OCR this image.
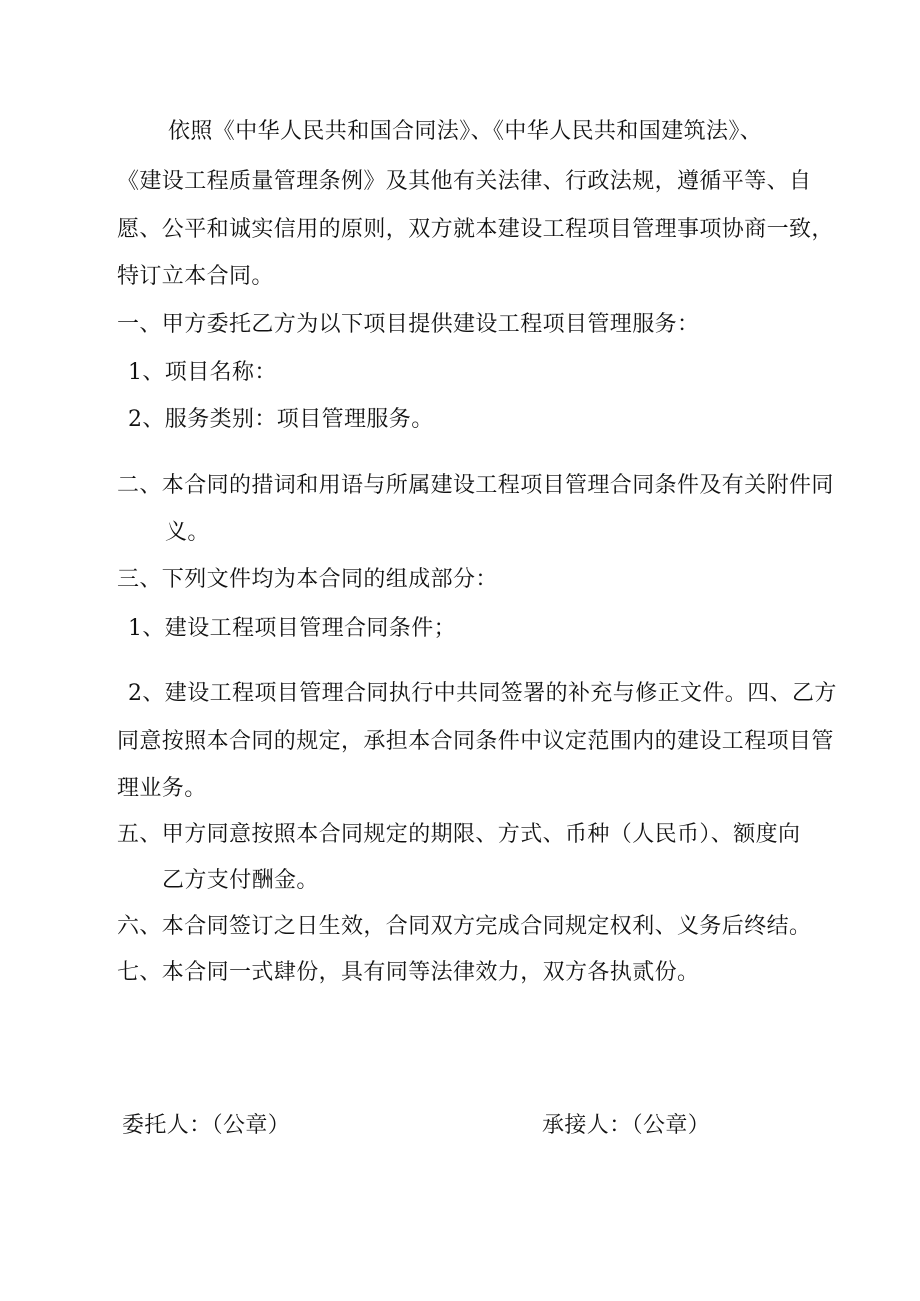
依照《中华人民共和国合同法》、《中华人民共和国建筑法》、
《建设工程质量管理条例》及其他有关法律、行政法规，遵循平等、自
愿、公平和诚实信用的原则，双方就本建设工程项目管理事项协商一致，
特订立本合同。
一、甲方委托乙方为以下项目提供建设工程项目管理服务：
1、项目名称：
2、服务类别：项目管理服务。
二、本合同的措词和用语与所属建设工程项目管理合同条件及有关附件同
义。
三、下列文件均为本合同的组成部分：
1、建设工程项目管理合同条件；
2、建设工程项目管理合同执行中共同签署的补充与修正文件。四、乙方
同意按照本合同的规定，承担本合同条件中议定范围内的建设工程项目管
理业务。
五、甲方同意按照本合同规定的期限、方式、币种（人民币）、额度向
乙方支付酬金。
六、本合同签订之日生效，合同双方完成合同规定权利、义务后终结。
七、本合同一式肆份，具有同等法律效力，双方各执贰份。
委托人：（公章）	承接人：（公章）
